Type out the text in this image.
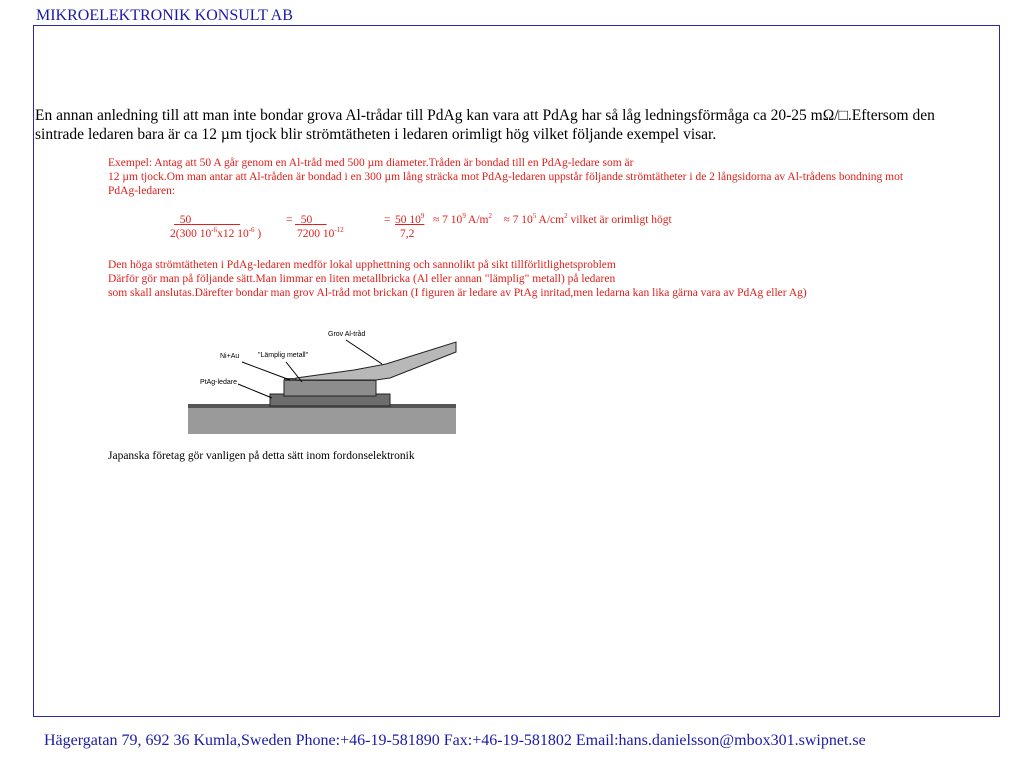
MIKROELEKTRONIK KONSULT AB
En annan anledning till att man inte bondar grova Al-trådar till PdAg kan vara att PdAg har så låg ledningsförmåga ca 20-25 mΩ/□.Eftersom den
sintrade ledaren bara är ca 12 µm tjock blir strömtätheten i ledaren orimligt hög vilket följande exempel visar.
Exempel: Antag att 50 A går genom en Al-tråd med 500 µm diameter.Tråden är bondad till en PdAg-ledare som är
12 µm tjock.Om man antar att Al-tråden är bondad i en 300 µm lång sträcka mot PdAg-ledaren uppstår följande strömtätheter i de 2 långsidorna av Al-trådens bondning mot
PdAg-ledaren:
50
2(300 $10^{-6}x12$ $10^{-6}$ )
= 50
7200 $10^{-12}$
= 50 $10^9 \approx 7$ $10^9$ $A/m^2 \approx 7$ $10^5$ $A/cm^2$ vilket är orimligt högt
7,2
Den höga strömtätheten i PdAg-ledaren medför lokal upphettning och sannolikt på sikt tillförlitlighetsproblem
Därför gör man på följande sätt.Man limmar en liten metallbricka (Al eller annan "lämplig" metall) på ledaren
som skall anslutas.Därefter bondar man grov Al-tråd mot brickan (I figuren är ledare av PtAg inritad,men ledarna kan lika gärna vara av PdAg eller Ag)
Grov Al-tråd
Ni+Au	"Lämplig metall"
PtAg-ledare
Japanska företag gör vanligen på detta sätt inom fordonselektronik
Hägergatan 79, 692 36 Kumla,Sweden Phone:+46-19-581890 Fax:+46-19-581802 Email:hans.danielsson@mbox301.swipnet.se
